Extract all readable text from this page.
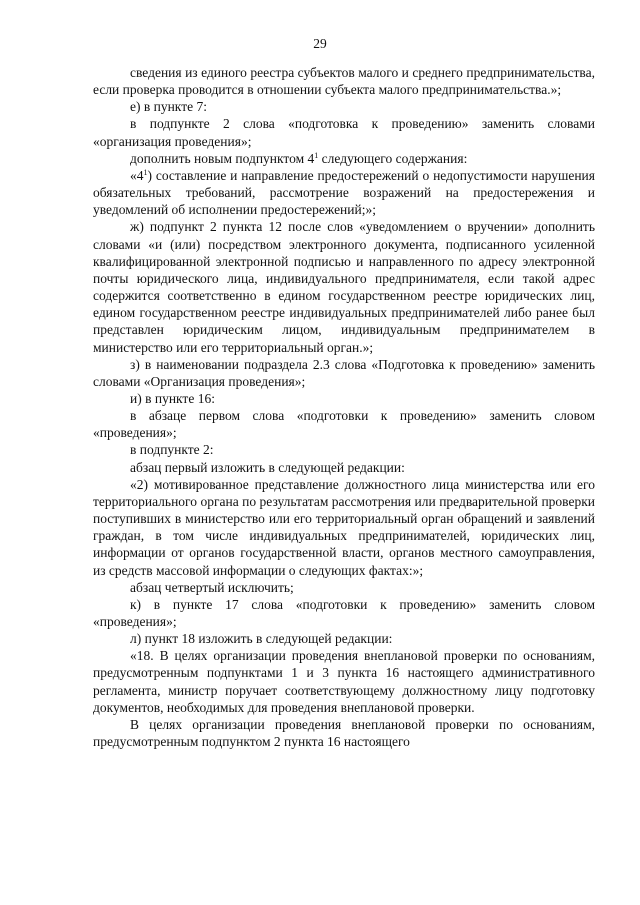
29

сведения из единого реестра субъектов малого и среднего предпринимательства, если проверка проводится в отношении субъекта малого предпринимательства.»;

е) в пункте 7:

в подпункте 2 слова «подготовка к проведению» заменить словами «организация проведения»;

дополнить новым подпунктом $4^1$ следующего содержания:

«$4^1$) составление и направление предостережений о недопустимости нарушения обязательных требований, рассмотрение возражений на предостережения и уведомлений об исполнении предостережений;»;

ж) подпункт 2 пункта 12 после слов «уведомлением о вручении» дополнить словами «и (или) посредством электронного документа, подписанного усиленной квалифицированной электронной подписью и направленного по адресу электронной почты юридического лица, индивидуального предпринимателя, если такой адрес содержится соответственно в едином государственном реестре юридических лиц, едином государственном реестре индивидуальных предпринимателей либо ранее был представлен юридическим лицом, индивидуальным предпринимателем в министерство или его территориальный орган.»;

з) в наименовании подраздела 2.3 слова «Подготовка к проведению» заменить словами «Организация проведения»;

и) в пункте 16:

в абзаце первом слова «подготовки к проведению» заменить словом «проведения»;

в подпункте 2:

абзац первый изложить в следующей редакции:

«2) мотивированное представление должностного лица министерства или его территориального органа по результатам рассмотрения или предварительной проверки поступивших в министерство или его территориальный орган обращений и заявлений граждан, в том числе индивидуальных предпринимателей, юридических лиц, информации от органов государственной власти, органов местного самоуправления, из средств массовой информации о следующих фактах:»;

абзац четвертый исключить;

к) в пункте 17 слова «подготовки к проведению» заменить словом «проведения»;

л) пункт 18 изложить в следующей редакции:

«18. В целях организации проведения внеплановой проверки по основаниям, предусмотренным подпунктами 1 и 3 пункта 16 настоящего административного регламента, министр поручает соответствующему должностному лицу подготовку документов, необходимых для проведения внеплановой проверки.

В целях организации проведения внеплановой проверки по основаниям, предусмотренным подпунктом 2 пункта 16 настоящего
